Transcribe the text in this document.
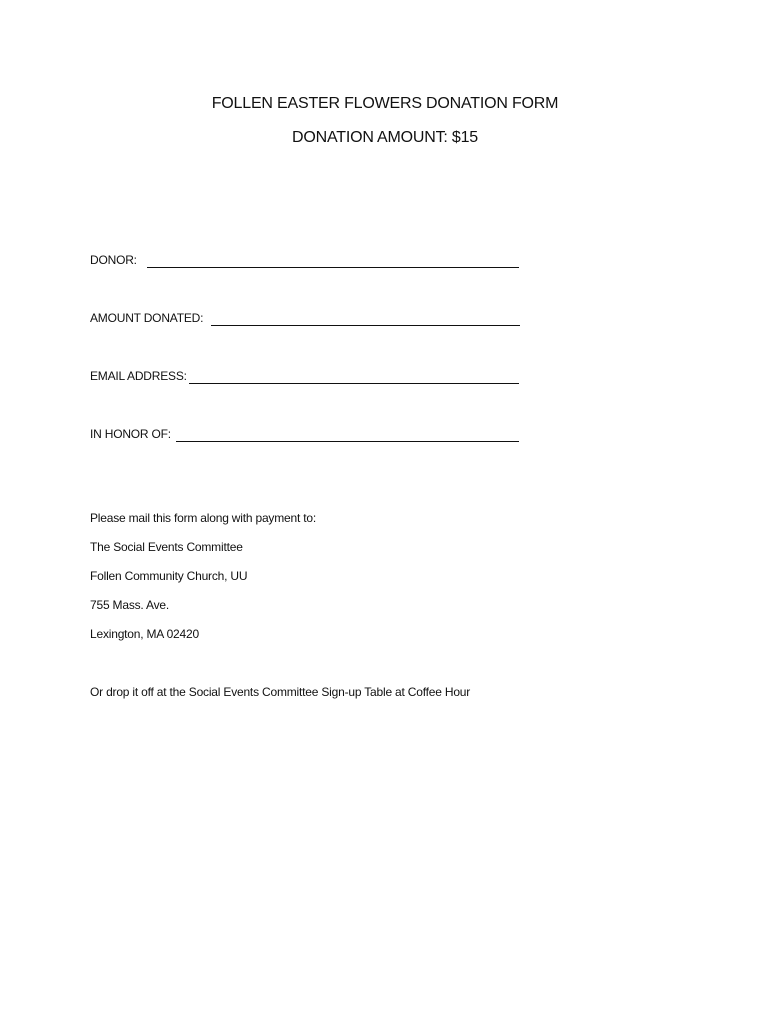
FOLLEN EASTER FLOWERS DONATION FORM
DONATION AMOUNT: $15
DONOR:
AMOUNT DONATED:
EMAIL ADDRESS:
IN HONOR OF:
Please mail this form along with payment to:
The Social Events Committee
Follen Community Church, UU
755 Mass. Ave.
Lexington, MA 02420
Or drop it off at the Social Events Committee Sign-up Table at Coffee Hour
